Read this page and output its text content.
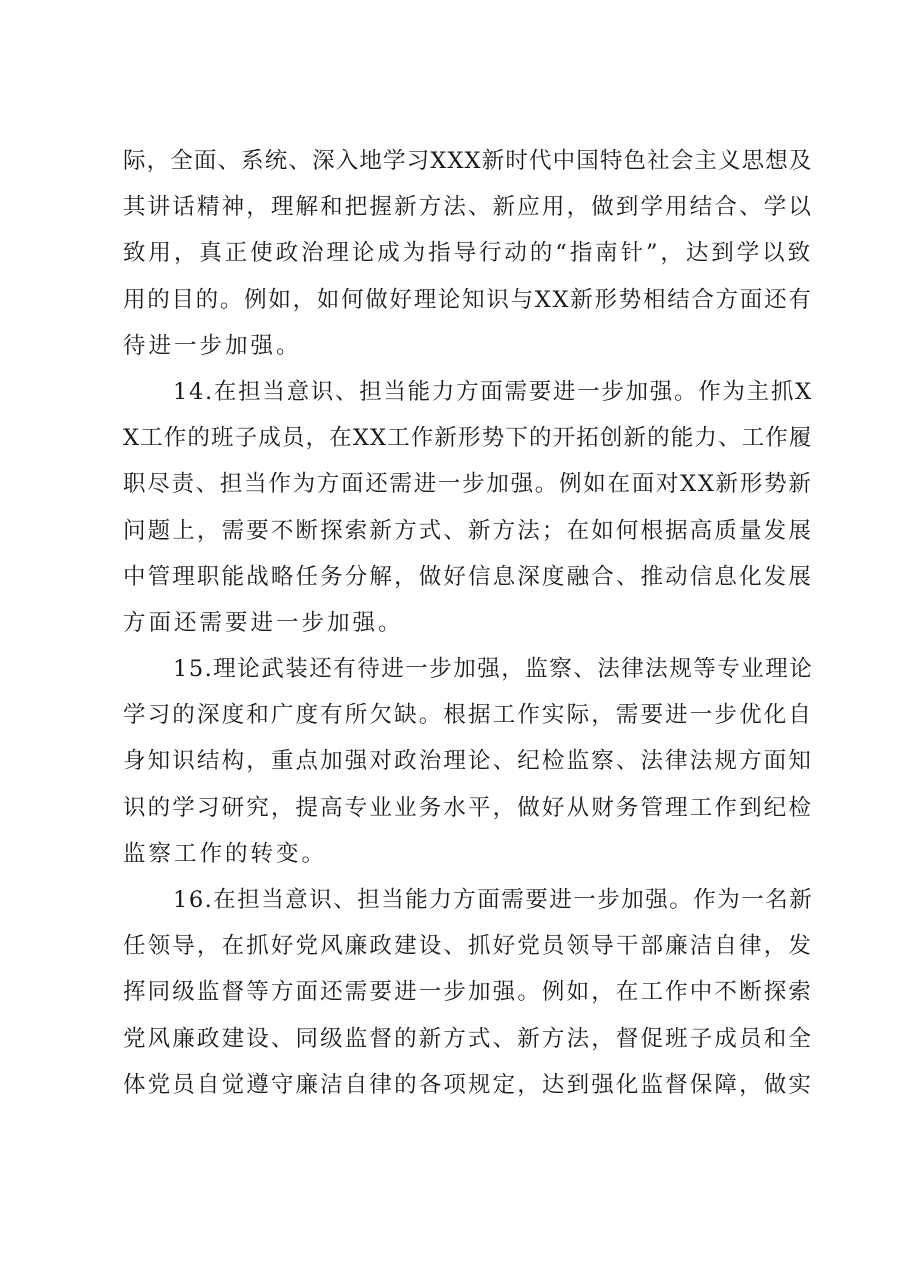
际，全面、系统、深入地学习XXX新时代中国特色社会主义思想及
其讲话精神，理解和把握新方法、新应用，做到学用结合、学以
致用，真正使政治理论成为指导行动的“指南针”，达到学以致
用的目的。例如，如何做好理论知识与XX新形势相结合方面还有
待进一步加强。
14.在担当意识、担当能力方面需要进一步加强。作为主抓X
X工作的班子成员，在XX工作新形势下的开拓创新的能力、工作履
职尽责、担当作为方面还需进一步加强。例如在面对XX新形势新
问题上，需要不断探索新方式、新方法；在如何根据高质量发展
中管理职能战略任务分解，做好信息深度融合、推动信息化发展
方面还需要进一步加强。
15.理论武装还有待进一步加强，监察、法律法规等专业理论
学习的深度和广度有所欠缺。根据工作实际，需要进一步优化自
身知识结构，重点加强对政治理论、纪检监察、法律法规方面知
识的学习研究，提高专业业务水平，做好从财务管理工作到纪检
监察工作的转变。
16.在担当意识、担当能力方面需要进一步加强。作为一名新
任领导，在抓好党风廉政建设、抓好党员领导干部廉洁自律，发
挥同级监督等方面还需要进一步加强。例如，在工作中不断探索
党风廉政建设、同级监督的新方式、新方法，督促班子成员和全
体党员自觉遵守廉洁自律的各项规定，达到强化监督保障，做实
